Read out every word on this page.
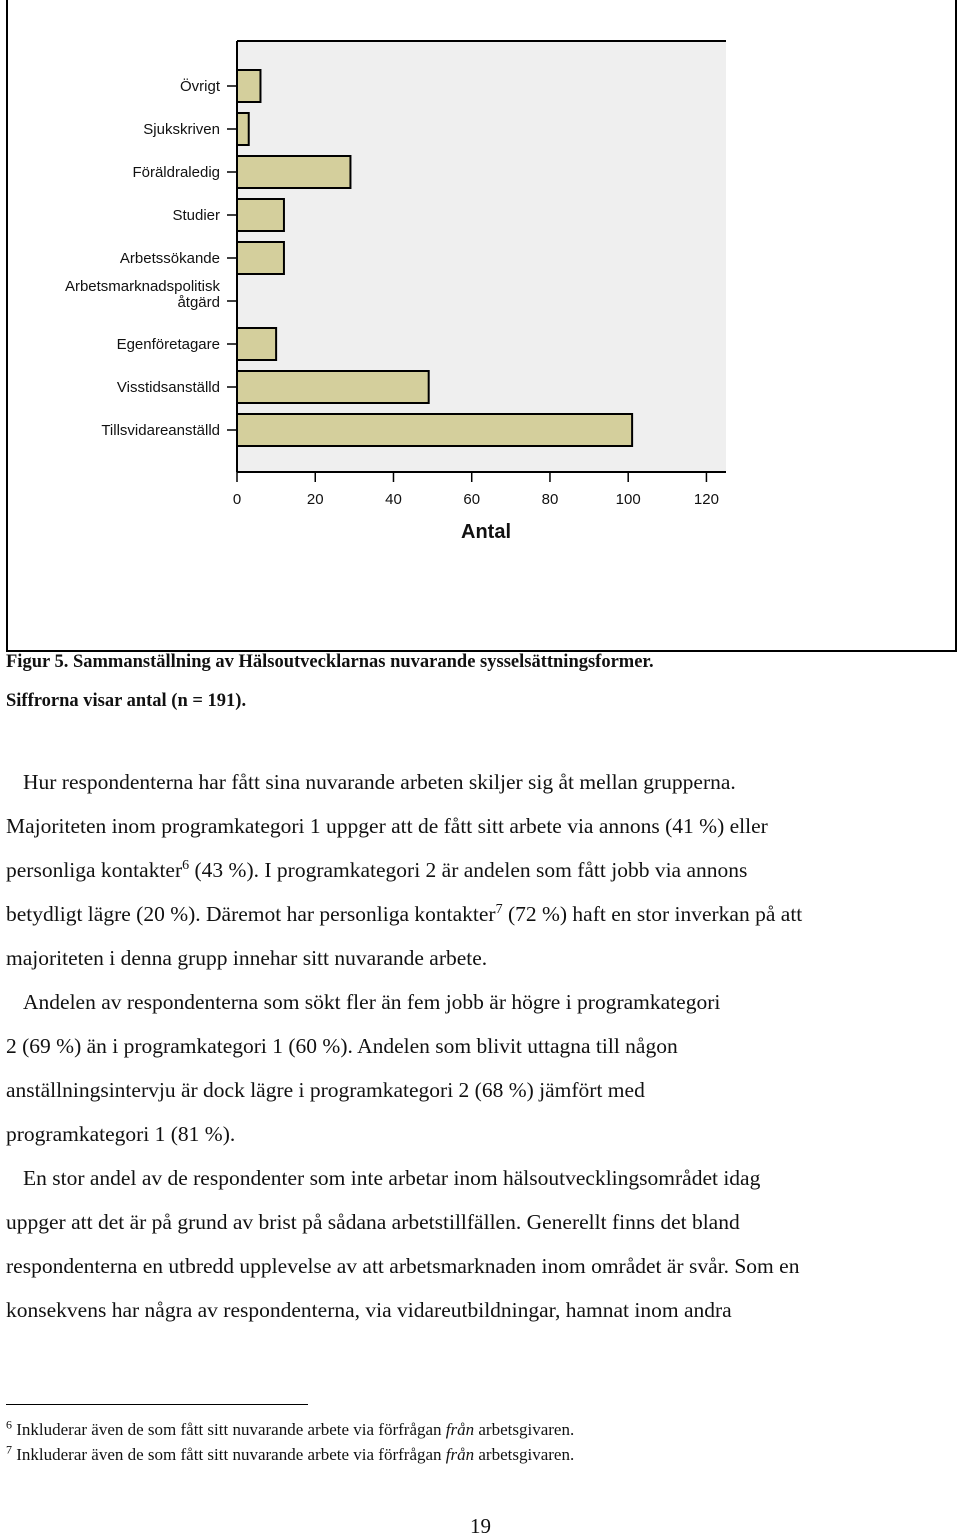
Övrigt
Sjukskriven
Föräldraledig
Studier
Arbetssökande
Arbetsmarknadspolitisk åtgärd
Egenföretagare
Visstidsanställd
Tillsvidareanställd
0	20	40	60	80	100	120
Antal
Figur 5. Sammanställning av Hälsoutvecklarnas nuvarande sysselsättningsformer.
Siffrorna visar antal (n = 191).
Hur respondenterna har fått sina nuvarande arbeten skiljer sig åt mellan grupperna.
Majoriteten inom programkategori 1 uppger att de fått sitt arbete via annons (41 %) eller
personliga kontakter$^6$ (43 %). I programkategori 2 är andelen som fått jobb via annons
betydligt lägre (20 %). Däremot har personliga kontakter$^7$ (72 %) haft en stor inverkan på att
majoriteten i denna grupp innehar sitt nuvarande arbete.
Andelen av respondenterna som sökt fler än fem jobb är högre i programkategori
2 (69 %) än i programkategori 1 (60 %). Andelen som blivit uttagna till någon
anställningsintervju är dock lägre i programkategori 2 (68 %) jämfört med
programkategori 1 (81 %).
En stor andel av de respondenter som inte arbetar inom hälsoutvecklingsområdet idag
uppger att det är på grund av brist på sådana arbetstillfällen. Generellt finns det bland
respondenterna en utbredd upplevelse av att arbetsmarknaden inom området är svår. Som en
konsekvens har några av respondenterna, via vidareutbildningar, hamnat inom andra
$^6$ Inkluderar även de som fått sitt nuvarande arbete via förfrågan från arbetsgivaren.
$^7$ Inkluderar även de som fått sitt nuvarande arbete via förfrågan från arbetsgivaren.
19
